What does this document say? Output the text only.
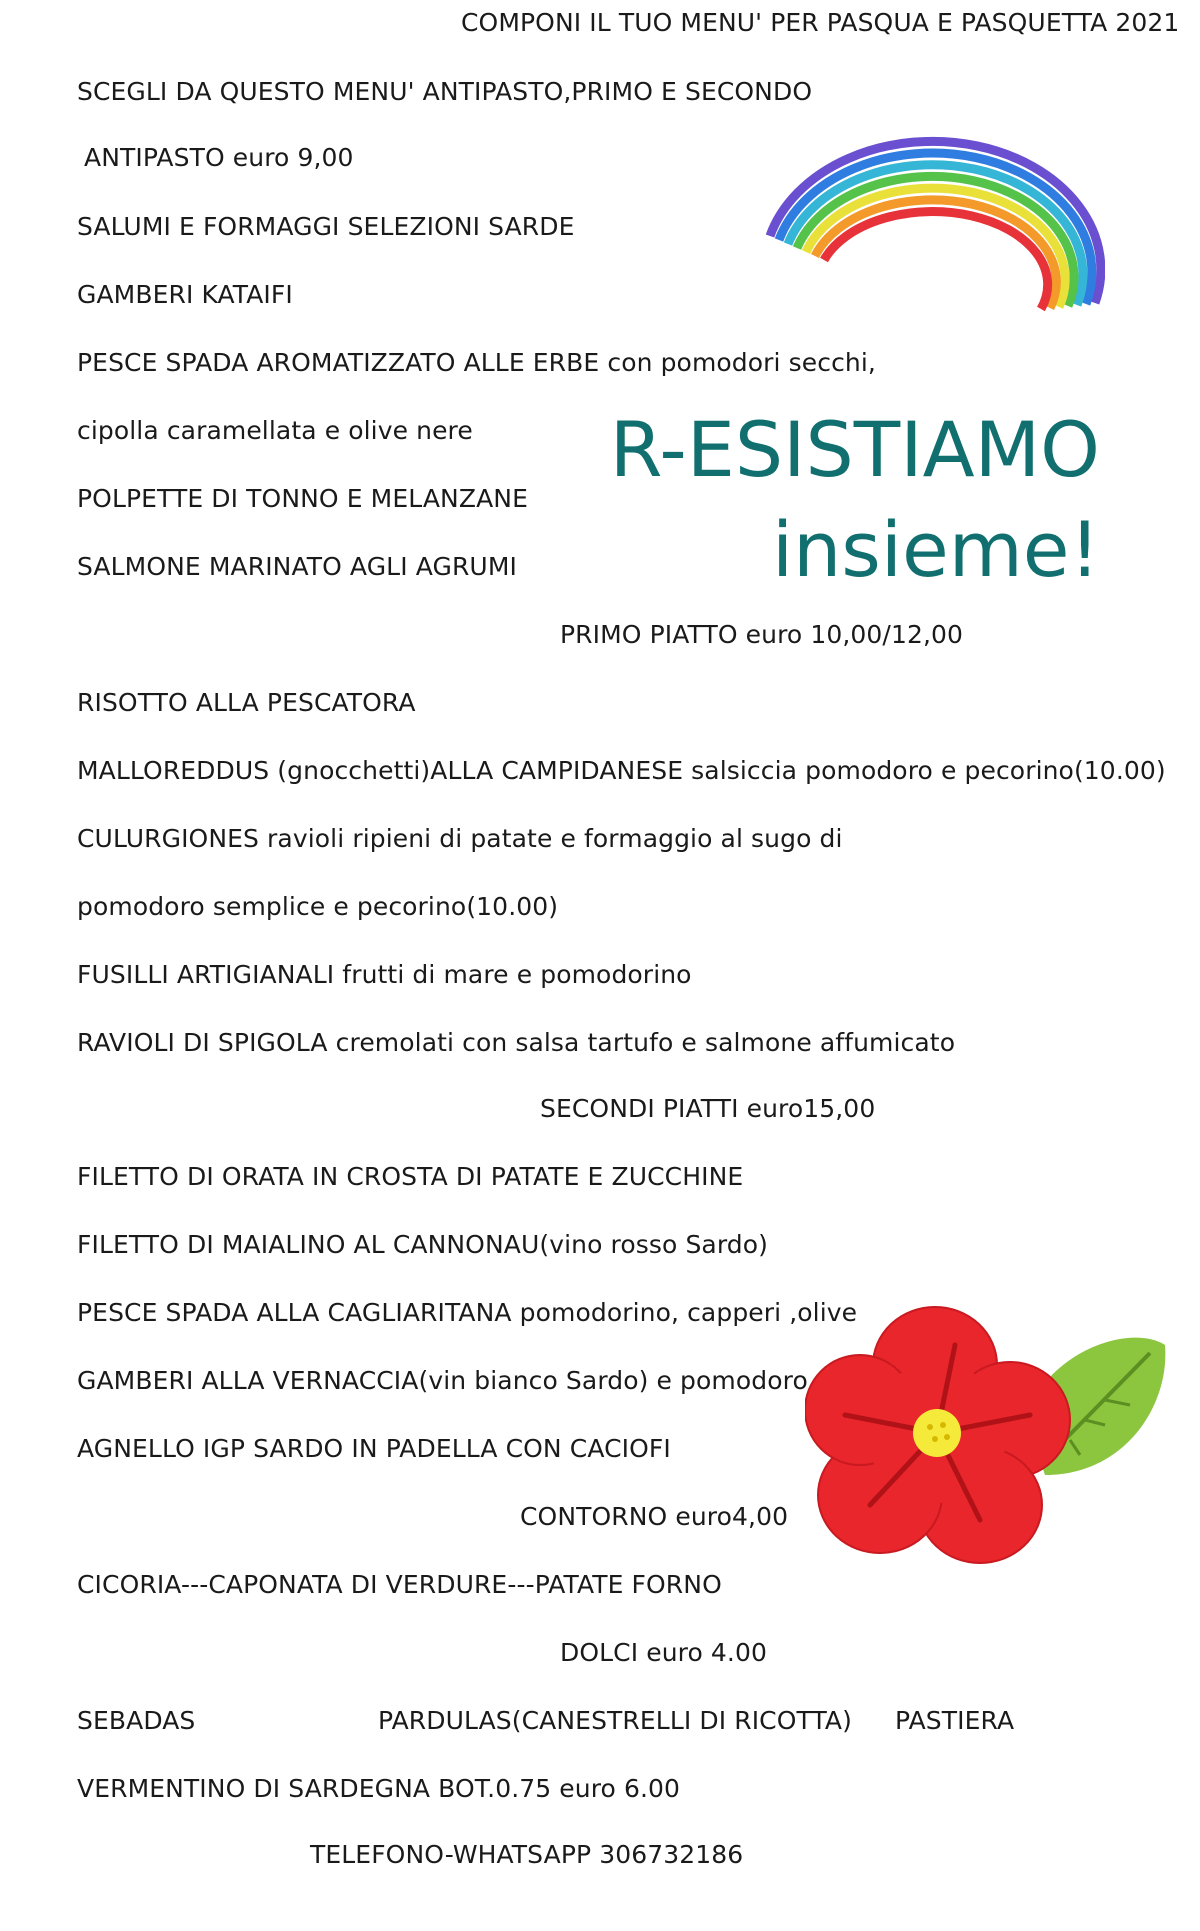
COMPONI IL TUO MENU' PER PASQUA E PASQUETTA 2021
SCEGLI DA QUESTO MENU' ANTIPASTO,PRIMO E SECONDO
ANTIPASTO euro 9,00
SALUMI E FORMAGGI SELEZIONI SARDE
GAMBERI KATAIFI
PESCE SPADA AROMATIZZATO ALLE ERBE con pomodori secchi,
cipolla caramellata e olive nere
POLPETTE DI TONNO E MELANZANE
SALMONE MARINATO AGLI AGRUMI
R-ESISTIAMO
insieme!
PRIMO PIATTO euro 10,00/12,00
RISOTTO ALLA PESCATORA
MALLOREDDUS (gnocchetti)ALLA CAMPIDANESE salsiccia pomodoro e pecorino(10.00)
CULURGIONES ravioli ripieni di patate e formaggio al sugo di
pomodoro semplice e pecorino(10.00)
FUSILLI ARTIGIANALI frutti di mare e pomodorino
RAVIOLI DI SPIGOLA cremolati con salsa tartufo e salmone affumicato
SECONDI PIATTI euro15,00
FILETTO DI ORATA IN CROSTA DI PATATE E ZUCCHINE
FILETTO DI MAIALINO AL CANNONAU(vino rosso Sardo)
PESCE SPADA ALLA CAGLIARITANA pomodorino, capperi ,olive
GAMBERI ALLA VERNACCIA(vin bianco Sardo) e pomodoro
AGNELLO IGP SARDO IN PADELLA CON CACIOFI
CONTORNO euro4,00
CICORIA---CAPONATA DI VERDURE---PATATE FORNO
DOLCI euro 4.00
SEBADAS	PARDULAS(CANESTRELLI DI RICOTTA) PASTIERA
VERMENTINO DI SARDEGNA BOT.0.75 euro 6.00
TELEFONO-WHATSAPP 306732186
